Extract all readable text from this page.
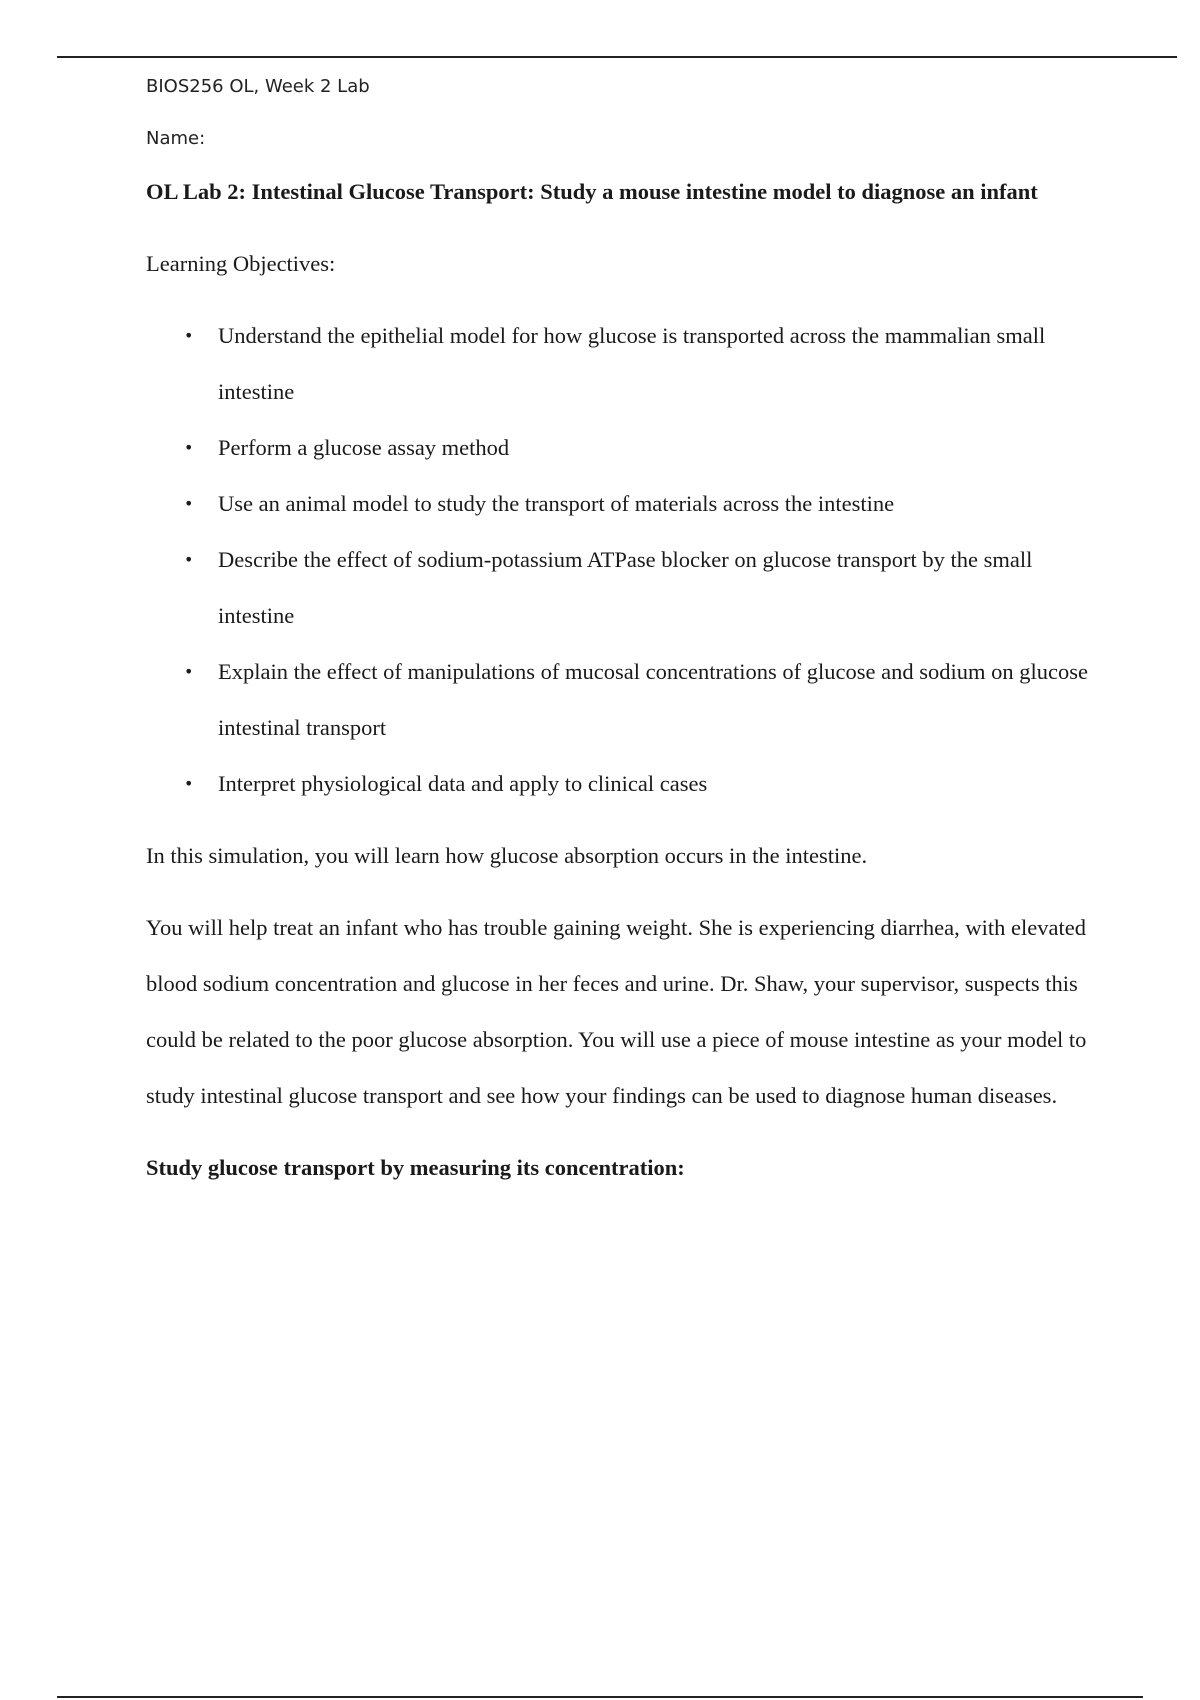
BIOS256 OL, Week 2 Lab

Name:

OL Lab 2: Intestinal Glucose Transport: Study a mouse intestine model to diagnose an infant

Learning Objectives:

• Understand the epithelial model for how glucose is transported across the mammalian small intestine
• Perform a glucose assay method
• Use an animal model to study the transport of materials across the intestine
• Describe the effect of sodium-potassium ATPase blocker on glucose transport by the small intestine
• Explain the effect of manipulations of mucosal concentrations of glucose and sodium on glucose intestinal transport
• Interpret physiological data and apply to clinical cases

In this simulation, you will learn how glucose absorption occurs in the intestine.

You will help treat an infant who has trouble gaining weight. She is experiencing diarrhea, with elevated blood sodium concentration and glucose in her feces and urine. Dr. Shaw, your supervisor, suspects this could be related to the poor glucose absorption. You will use a piece of mouse intestine as your model to study intestinal glucose transport and see how your findings can be used to diagnose human diseases.

Study glucose transport by measuring its concentration:
